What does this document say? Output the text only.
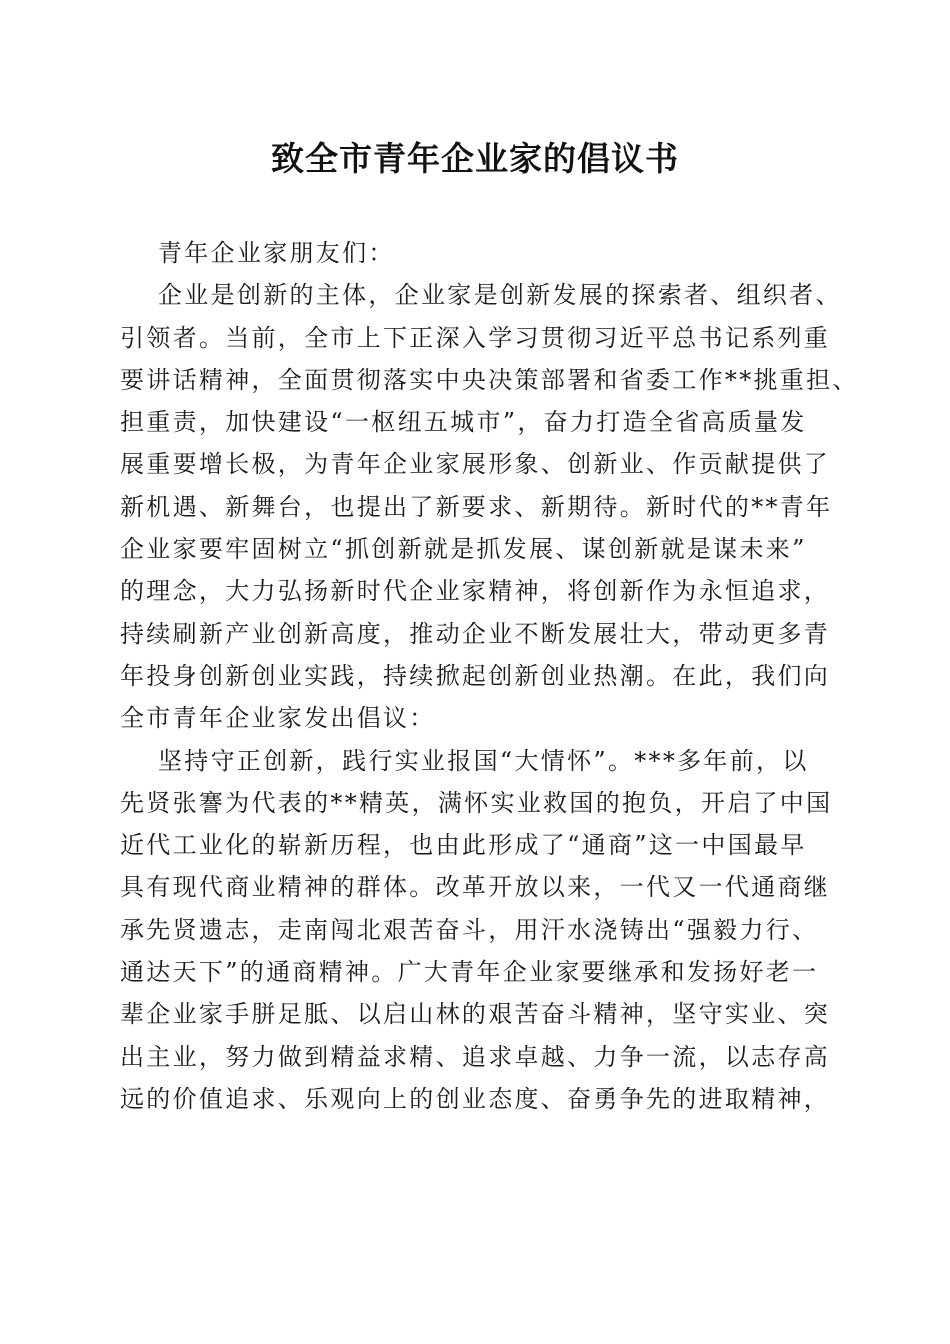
致全市青年企业家的倡议书
青年企业家朋友们：
企业是创新的主体，企业家是创新发展的探索者、组织者、
引领者。当前，全市上下正深入学习贯彻习近平总书记系列重
要讲话精神，全面贯彻落实中央决策部署和省委工作**挑重担、
担重责，加快建设“一枢纽五城市”，奋力打造全省高质量发
展重要增长极，为青年企业家展形象、创新业、作贡献提供了
新机遇、新舞台，也提出了新要求、新期待。新时代的**青年
企业家要牢固树立“抓创新就是抓发展、谋创新就是谋未来”
的理念，大力弘扬新时代企业家精神，将创新作为永恒追求，
持续刷新产业创新高度，推动企业不断发展壮大，带动更多青
年投身创新创业实践，持续掀起创新创业热潮。在此，我们向
全市青年企业家发出倡议：
坚持守正创新，践行实业报国“大情怀”。***多年前，以
先贤张謇为代表的**精英，满怀实业救国的抱负，开启了中国
近代工业化的崭新历程，也由此形成了“通商”这一中国最早
具有现代商业精神的群体。改革开放以来，一代又一代通商继
承先贤遗志，走南闯北艰苦奋斗，用汗水浇铸出“强毅力行、
通达天下”的通商精神。广大青年企业家要继承和发扬好老一
辈企业家手胼足胝、以启山林的艰苦奋斗精神，坚守实业、突
出主业，努力做到精益求精、追求卓越、力争一流，以志存高
远的价值追求、乐观向上的创业态度、奋勇争先的进取精神，
